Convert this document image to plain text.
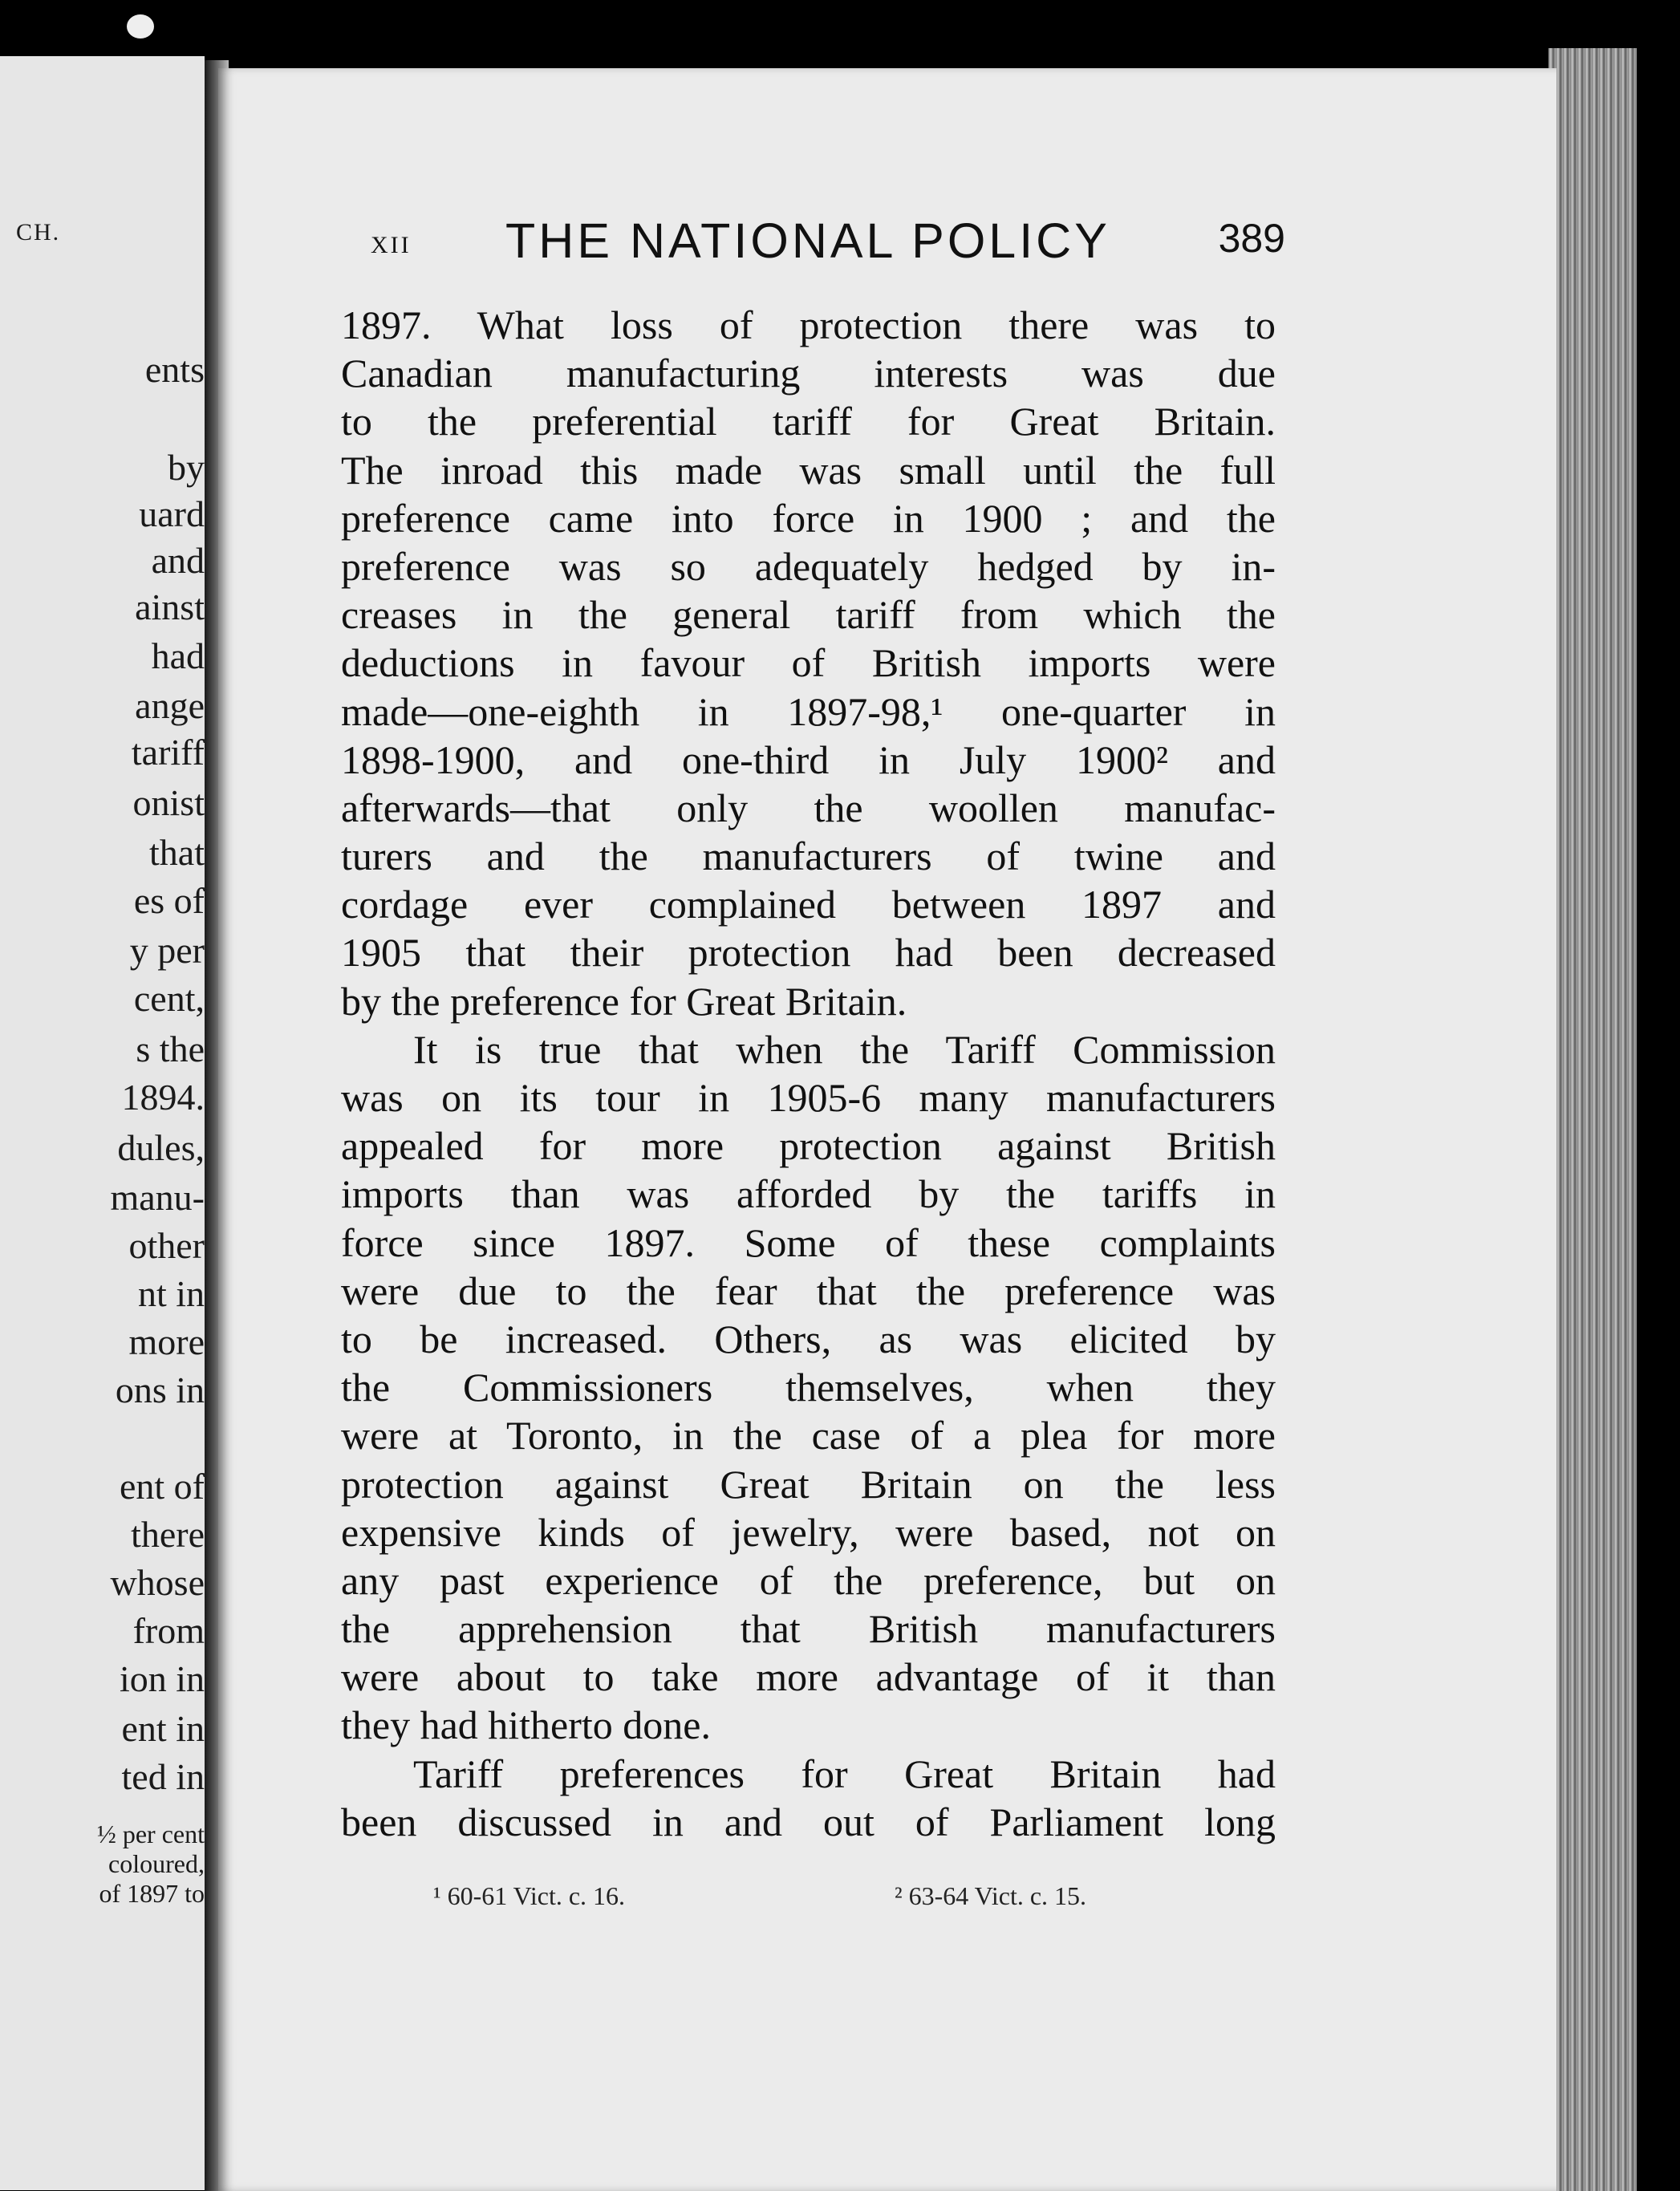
CH.
ents
by
uard
and
ainst
had
ange
tariff
onist
that
es of
y per
cent,
s the
1894.
dules,
manu-
other
nt in
more
ons in
ent of
there
whose
from
ion in
ent in
ted in
½ per cent
coloured,
of 1897 to
XII THE NATIONAL POLICY	389
1897. What loss of protection there was to
Canadian manufacturing interests was due
to the preferential tariff for Great Britain.
The inroad this made was small until the full
preference came into force in 1900 ; and the
preference was so adequately hedged by in-
creases in the general tariff from which the
deductions in favour of British imports were
made—one-eighth in 1897-98,¹ one-quarter in
1898-1900, and one-third in July 1900² and
afterwards—that only the woollen manufac-
turers and the manufacturers of twine and
cordage ever complained between 1897 and
1905 that their protection had been decreased
by the preference for Great Britain.
It is true that when the Tariff Commission
was on its tour in 1905-6 many manufacturers
appealed for more protection against British
imports than was afforded by the tariffs in
force since 1897. Some of these complaints
were due to the fear that the preference was
to be increased. Others, as was elicited by
the Commissioners themselves, when they
were at Toronto, in the case of a plea for more
protection against Great Britain on the less
expensive kinds of jewelry, were based, not on
any past experience of the preference, but on
the apprehension that British manufacturers
were about to take more advantage of it than
they had hitherto done.
Tariff preferences for Great Britain had
been discussed in and out of Parliament long
¹ 60-61 Vict. c. 16.	² 63-64 Vict. c. 15.
